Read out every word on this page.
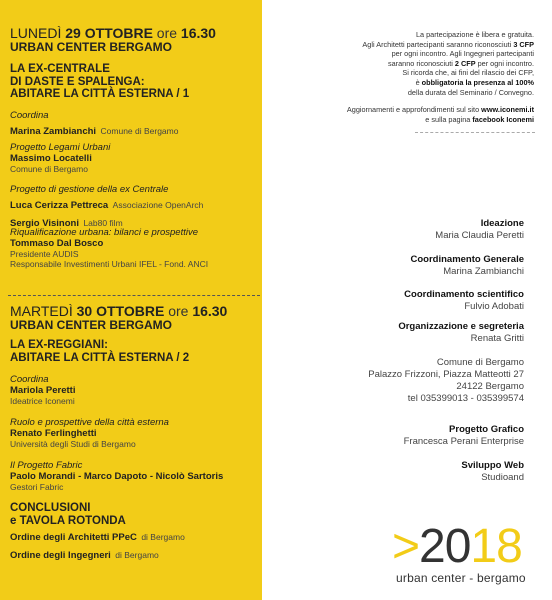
LUNEDÌ 29 OTTOBRE ore 16.30
URBAN CENTER BERGAMO
LA EX-CENTRALE
DI DASTE E SPALENGA:
ABITARE LA CITTÀ ESTERNA / 1
Coordina
Marina Zambianchi Comune di Bergamo
Progetto Legami Urbani
Massimo Locatelli
Comune di Bergamo
Progetto di gestione della ex Centrale
Luca Cerizza Pettreca Associazione OpenArch
Sergio Visinoni Lab80 film
Riqualificazione urbana: bilanci e prospettive
Tommaso Dal Bosco
Presidente AUDIS
Responsabile Investimenti Urbani IFEL - Fond. ANCI
MARTEDÌ 30 OTTOBRE ore 16.30
URBAN CENTER BERGAMO
LA EX-REGGIANI:
ABITARE LA CITTÀ ESTERNA / 2
Coordina
Mariola Peretti
Ideatrice Iconemi
Ruolo e prospettive della città esterna
Renato Ferlinghetti
Università degli Studi di Bergamo
Il Progetto Fabric
Paolo Morandi - Marco Dapoto - Nicolò Sartoris
Gestori Fabric
CONCLUSIONI
e TAVOLA ROTONDA
Ordine degli Architetti PPeC di Bergamo
Ordine degli Ingegneri di Bergamo
La partecipazione è libera e gratuita.
Agli Architetti partecipanti saranno riconosciuti 3 CFP
per ogni incontro. Agli Ingegneri partecipanti
saranno riconosciuti 2 CFP per ogni incontro.
Si ricorda che, ai fini del rilascio dei CFP,
è obbligatoria la presenza al 100%
della durata del Seminario / Convegno.
Aggiornamenti e approfondimenti sul sito www.iconemi.it
e sulla pagina facebook Iconemi
Ideazione
Maria Claudia Peretti
Coordinamento Generale
Marina Zambianchi
Coordinamento scientifico
Fulvio Adobati
Organizzazione e segreteria
Renata Gritti
Comune di Bergamo
Palazzo Frizzoni, Piazza Matteotti 27
24122 Bergamo
tel 035399013 - 035399574
Progetto Grafico
Francesca Perani Enterprise
Sviluppo Web
Studioand
>2018
urban center - bergamo
